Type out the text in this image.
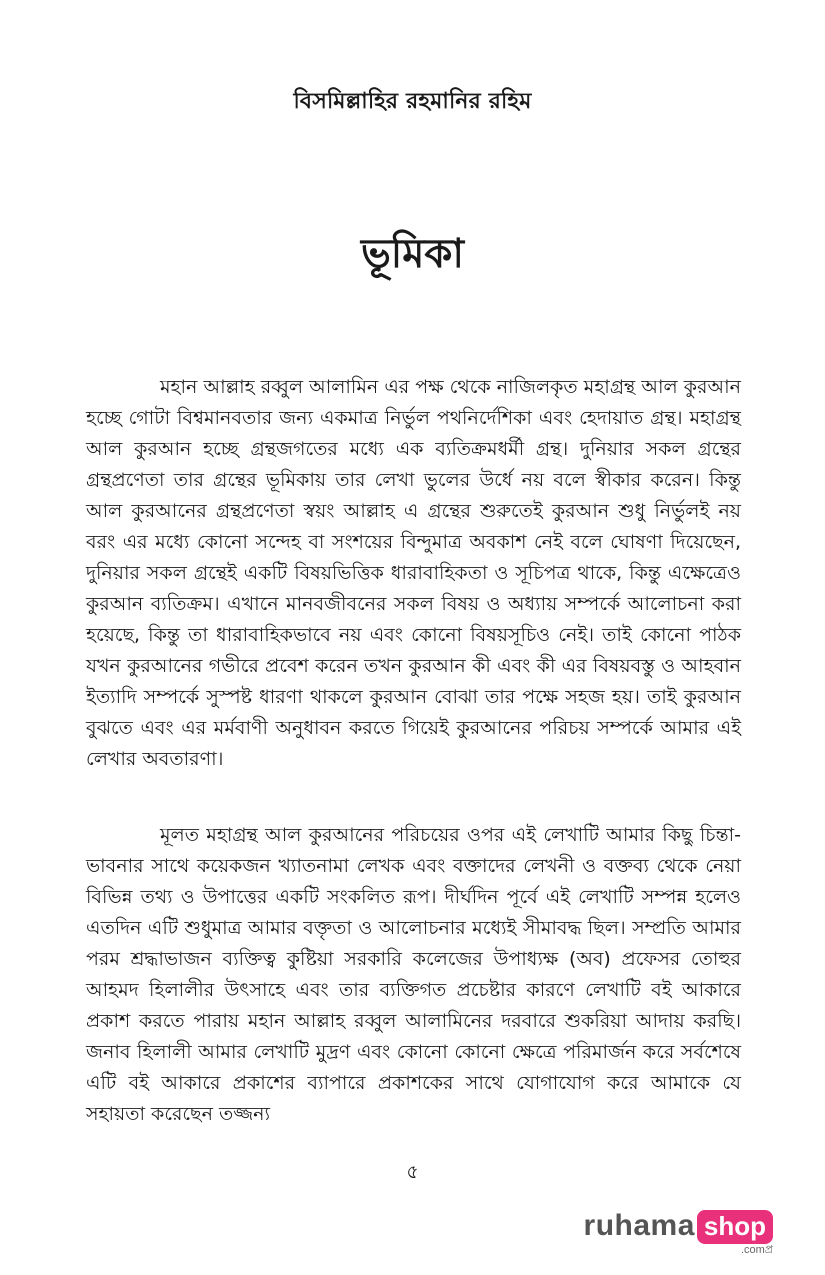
বিসমিল্লাহির রহমানির রহিম
ভূমিকা

মহান আল্লাহ রব্বুল আলামিন এর পক্ষ থেকে নাজিলকৃত মহাগ্রন্থ আল কুরআন হচ্ছে গোটা বিশ্বমানবতার জন্য একমাত্র নির্ভুল পথনির্দেশিকা এবং হেদায়াত গ্রন্থ। মহাগ্রন্থ আল কুরআন হচ্ছে গ্রন্থজগতের মধ্যে এক ব্যতিক্রমধর্মী গ্রন্থ। দুনিয়ার সকল গ্রন্থের গ্রন্থপ্রণেতা তার গ্রন্থের ভূমিকায় তার লেখা ভুলের উর্ধে নয় বলে স্বীকার করেন। কিন্তু আল কুরআনের গ্রন্থপ্রণেতা স্বয়ং আল্লাহ এ গ্রন্থের শুরুতেই কুরআন শুধু নির্ভুলই নয় বরং এর মধ্যে কোনো সন্দেহ বা সংশয়ের বিন্দুমাত্র অবকাশ নেই বলে ঘোষণা দিয়েছেন, দুনিয়ার সকল গ্রন্থেই একটি বিষয়ভিত্তিক ধারাবাহিকতা ও সূচিপত্র থাকে, কিন্তু এক্ষেত্রেও কুরআন ব্যতিক্রম। এখানে মানবজীবনের সকল বিষয় ও অধ্যায় সম্পর্কে আলোচনা করা হয়েছে, কিন্তু তা ধারাবাহিকভাবে নয় এবং কোনো বিষয়সূচিও নেই। তাই কোনো পাঠক যখন কুরআনের গভীরে প্রবেশ করেন তখন কুরআন কী এবং কী এর বিষয়বস্তু ও আহবান ইত্যাদি সম্পর্কে সুস্পষ্ট ধারণা থাকলে কুরআন বোঝা তার পক্ষে সহজ হয়। তাই কুরআন বুঝতে এবং এর মর্মবাণী অনুধাবন করতে গিয়েই কুরআনের পরিচয় সম্পর্কে আমার এই লেখার অবতারণা।

মূলত মহাগ্রন্থ আল কুরআনের পরিচয়ের ওপর এই লেখাটি আমার কিছু চিন্তা-ভাবনার সাথে কয়েকজন খ্যাতনামা লেখক এবং বক্তাদের লেখনী ও বক্তব্য থেকে নেয়া বিভিন্ন তথ্য ও উপাত্তের একটি সংকলিত রূপ। দীর্ঘদিন পূর্বে এই লেখাটি সম্পন্ন হলেও এতদিন এটি শুধুমাত্র আমার বক্তৃতা ও আলোচনার মধ্যেই সীমাবদ্ধ ছিল। সম্প্রতি আমার পরম শ্রদ্ধাভাজন ব্যক্তিত্ব কুষ্টিয়া সরকারি কলেজের উপাধ্যক্ষ (অব) প্রফেসর তোহুর আহমদ হিলালীর উৎসাহে এবং তার ব্যক্তিগত প্রচেষ্টার কারণে লেখাটি বই আকারে প্রকাশ করতে পারায় মহান আল্লাহ রব্বুল আলামিনের দরবারে শুকরিয়া আদায় করছি। জনাব হিলালী আমার লেখাটি মুদ্রণ এবং কোনো কোনো ক্ষেত্রে পরিমার্জন করে সর্বশেষে এটি বই আকারে প্রকাশের ব্যাপারে প্রকাশকের সাথে যোগাযোগ করে আমাকে যে সহায়তা করেছেন তজ্জন্য

৫
ruhama shop
.comপ্র
